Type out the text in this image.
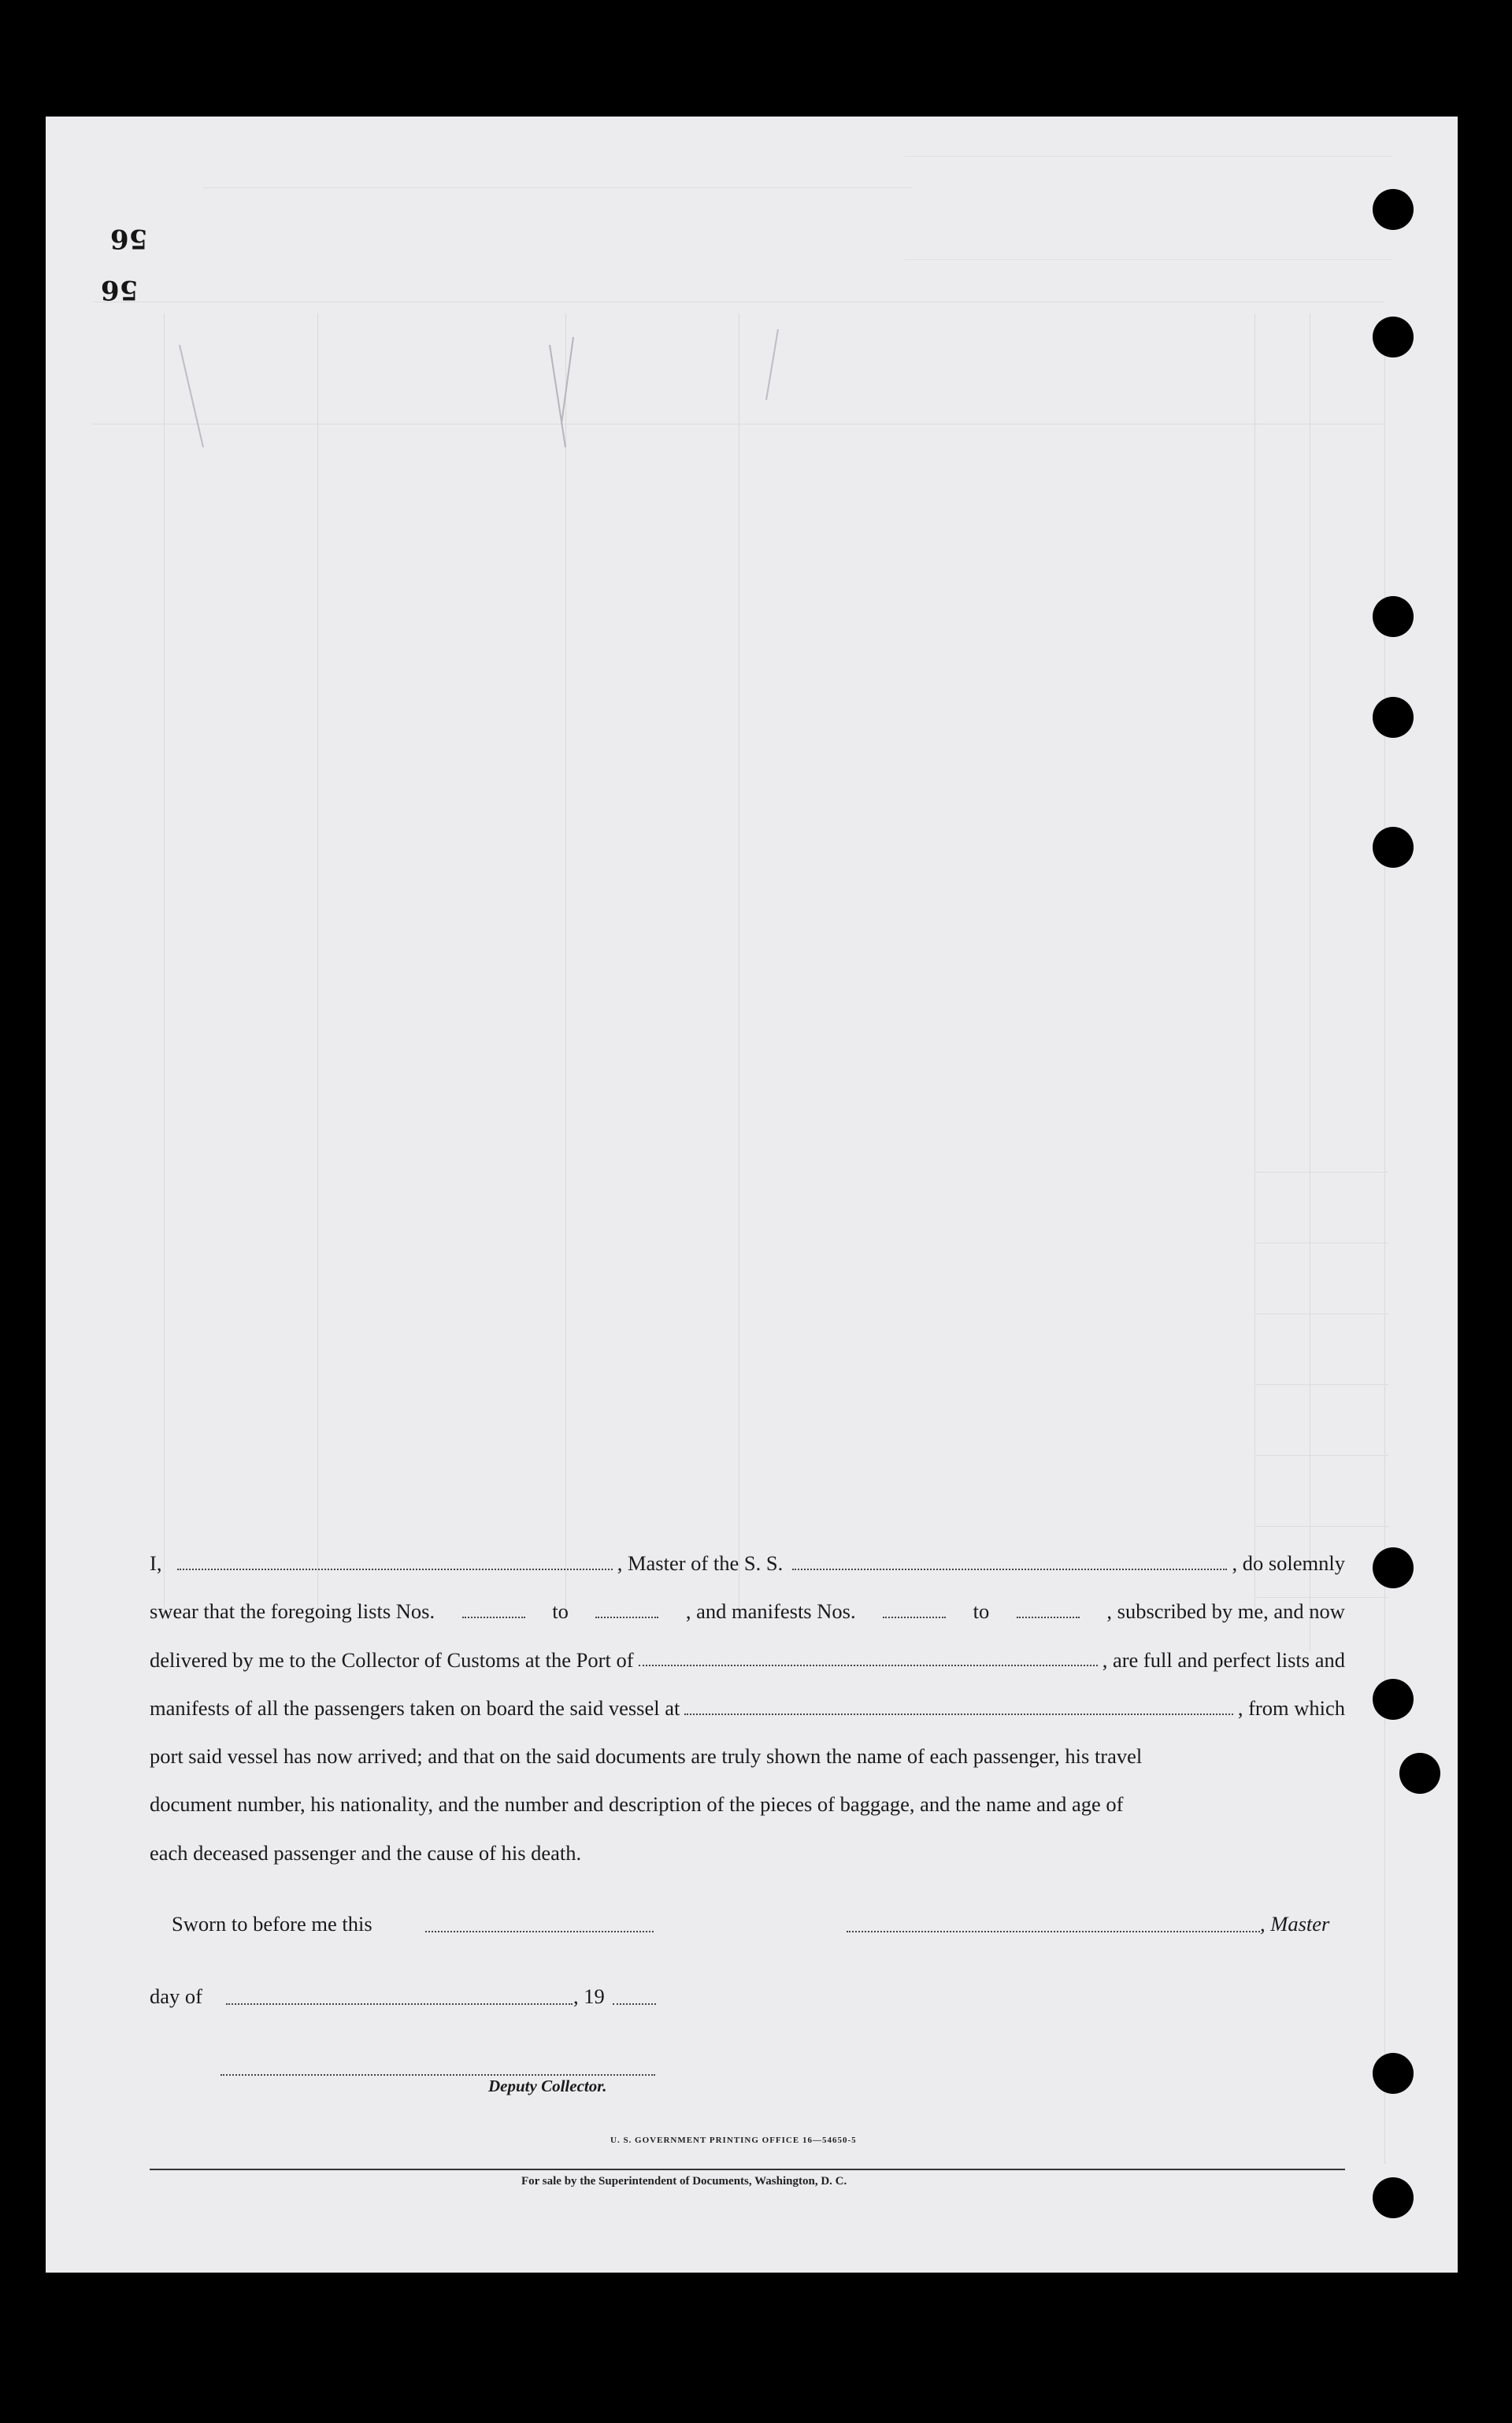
56
56
I,	, Master of the S. S.	, do solemnly
swear that the foregoing lists Nos.	to	, and manifests Nos.	to	, subscribed by me, and now
delivered by me to the Collector of Customs at the Port of	, are full and perfect lists and
manifests of all the passengers taken on board the said vessel at	, from which
port said vessel has now arrived; and that on the said documents are truly shown the name of each passenger, his travel
document number, his nationality, and the number and description of the pieces of baggage, and the name and age of
each deceased passenger and the cause of his death.
Sworn to before me this	, Master
day of	, 19
Deputy Collector.
U. S. GOVERNMENT PRINTING OFFICE 16—54650-5
For sale by the Superintendent of Documents, Washington, D. C.
